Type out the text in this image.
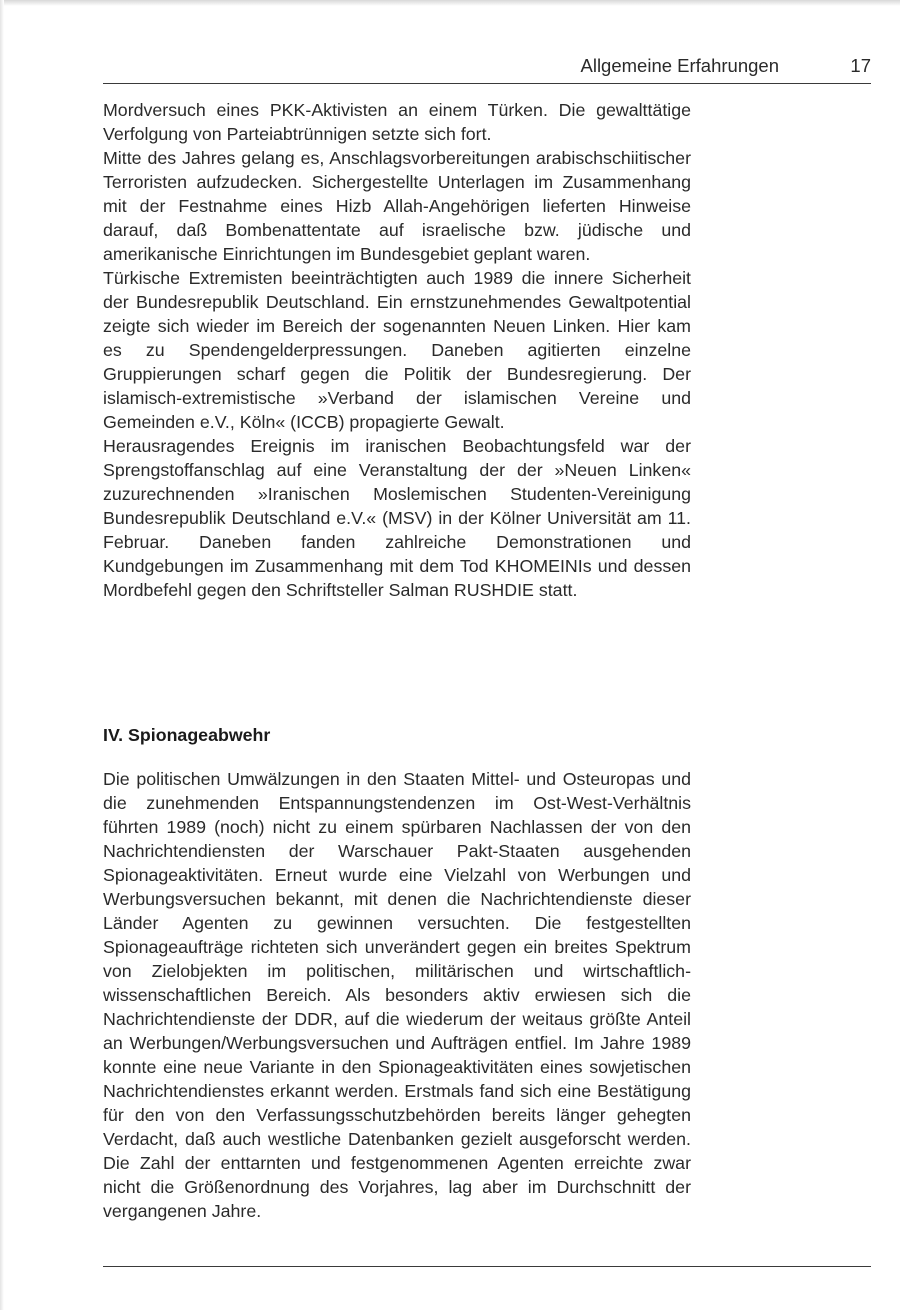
Allgemeine Erfahrungen	17

Mordversuch eines PKK-Aktivisten an einem Türken. Die gewalttätige Verfolgung von Parteiabtrünnigen setzte sich fort.

Mitte des Jahres gelang es, Anschlagsvorbereitungen arabischschiitischer Terroristen aufzudecken. Sichergestellte Unterlagen im Zusammenhang mit der Festnahme eines Hizb Allah-Angehörigen lieferten Hinweise darauf, daß Bombenattentate auf israelische bzw. jüdische und amerikanische Einrichtungen im Bundesgebiet geplant waren.

Türkische Extremisten beeinträchtigten auch 1989 die innere Sicherheit der Bundesrepublik Deutschland. Ein ernstzunehmendes Gewaltpotential zeigte sich wieder im Bereich der sogenannten Neuen Linken. Hier kam es zu Spendengelderpressungen. Daneben agitierten einzelne Gruppierungen scharf gegen die Politik der Bundesregierung. Der islamisch-extremistische »Verband der islamischen Vereine und Gemeinden e.V., Köln« (ICCB) propagierte Gewalt.

Herausragendes Ereignis im iranischen Beobachtungsfeld war der Sprengstoffanschlag auf eine Veranstaltung der der »Neuen Linken« zuzurechnenden »Iranischen Moslemischen Studenten-Vereinigung Bundesrepublik Deutschland e.V.« (MSV) in der Kölner Universität am 11. Februar. Daneben fanden zahlreiche Demonstrationen und Kundgebungen im Zusammenhang mit dem Tod KHOMEINIs und dessen Mordbefehl gegen den Schriftsteller Salman RUSHDIE statt.

IV. Spionageabwehr

Die politischen Umwälzungen in den Staaten Mittel- und Osteuropas und die zunehmenden Entspannungstendenzen im Ost-West-Verhältnis führten 1989 (noch) nicht zu einem spürbaren Nachlassen der von den Nachrichtendiensten der Warschauer Pakt-Staaten ausgehenden Spionageaktivitäten. Erneut wurde eine Vielzahl von Werbungen und Werbungsversuchen bekannt, mit denen die Nachrichtendienste dieser Länder Agenten zu gewinnen versuchten. Die festgestellten Spionageaufträge richteten sich unverändert gegen ein breites Spektrum von Zielobjekten im politischen, militärischen und wirtschaftlich-wissenschaftlichen Bereich. Als besonders aktiv erwiesen sich die Nachrichtendienste der DDR, auf die wiederum der weitaus größte Anteil an Werbungen/Werbungsversuchen und Aufträgen entfiel. Im Jahre 1989 konnte eine neue Variante in den Spionageaktivitäten eines sowjetischen Nachrichtendienstes erkannt werden. Erstmals fand sich eine Bestätigung für den von den Verfassungsschutzbehörden bereits länger gehegten Verdacht, daß auch westliche Datenbanken gezielt ausgeforscht werden. Die Zahl der enttarnten und festgenommenen Agenten erreichte zwar nicht die Größenordnung des Vorjahres, lag aber im Durchschnitt der vergangenen Jahre.
